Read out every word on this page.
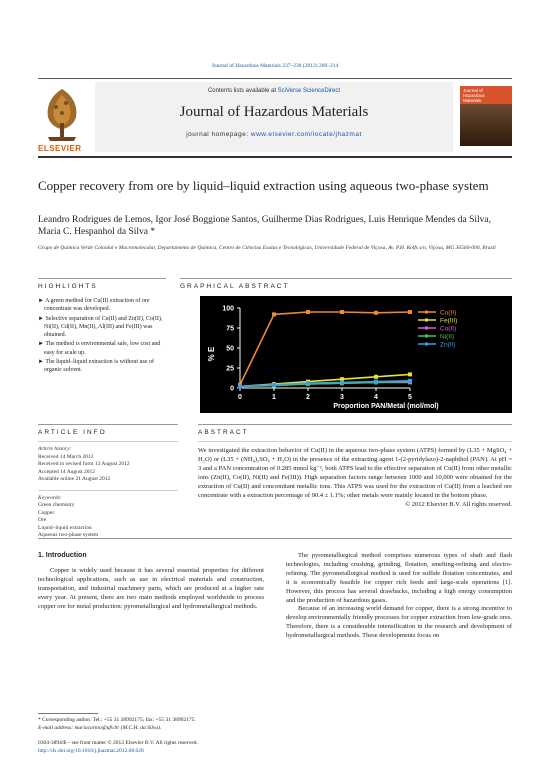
Journal of Hazardous Materials 237–238 (2012) 209–214
Contents lists available at SciVerse ScienceDirect
Journal of Hazardous Materials
journal homepage: www.elsevier.com/locate/jhazmat
ELSEVIER
Journal of
Hazardous
Materials
Copper recovery from ore by liquid–liquid extraction using aqueous two-phase system
Leandro Rodrigues de Lemos, Igor José Boggione Santos, Guilherme Dias Rodrigues, Luis Henrique Mendes da Silva, Maria C. Hespanhol da Silva *
Grupo de Química Verde Coloidal e Macromolecular, Departamento de Química, Centro de Ciências Exatas e Tecnológicas, Universidade Federal de Viçosa, Av. P.H. Rolfs s/n, Viçosa, MG 36560-000, Brazil
HIGHLIGHTS	GRAPHICAL ABSTRACT
► A green method for Cu(II) extraction of ore concentrate was developed.
► Selective separation of Cu(II) and Zn(II), Co(II), Ni(II), Cd(II), Mn(II), Al(III) and Fe(III) was obtained.
► The method is environmental safe, low cost and easy for scale up.
► The liquid–liquid extraction is without use of organic solvent.
0
25
50
75
100
0	1	2	3	4	5
Cu(II)
Fe(III)
Co(II)
Ni(II)
Zn(II)
% E
Proportion PAN/Metal (mol/mol)
ARTICLE INFO	ABSTRACT
Article history:
Received 14 March 2012
Received in revised form 13 August 2012
Accepted 14 August 2012
Available online 21 August 2012
Keywords:
Green chemistry
Copper
Ore
Liquid–liquid extraction
Aqueous two-phase system
We investigated the extraction behavior of Cu(II) in the aqueous two-phase system (ATPS) formed by (L35 + MgSO₄ + H₂O) or (L35 + (NH₄)₂SO₄ + H₂O) in the presence of the extracting agent 1-(2-pyridylazo)-2-naphthol (PAN). At pH = 3 and a PAN concentration of 0.285 mmol kg⁻¹, both ATPS lead to the effective separation of Cu(II) from other metallic ions (Zn(II), Co(II), Ni(II) and Fe(III)). High separation factors range between 1000 and 10,000 were obtained for the extraction of Cu(II) and concomitant metallic ions. This ATPS was used for the extraction of Cu(II) from a leached ore concentrate with a extraction percentage of 90.4 ± 1.1%; other metals were mainly located in the bottom phase.
© 2012 Elsevier B.V. All rights reserved.
1. Introduction
Copper is widely used because it has several essential properties for different technological applications, such as use in electrical materials and construction, transportation, and industrial machinery parts, which are produced at a higher rate every year. At present, there are two main methods employed worldwide to process copper ore for metal production: pyrometallurgical and hydrometallurgical methods.
The pyrometallurgical method comprises numerous types of shaft and flash technologies, including crushing, grinding, flotation, smelting-refining and electro-refining. The pyrometallurgical method is used for sulfide flotation concentrates, and it is economically feasible for copper rich feeds and large-scale operations [1]. However, this process has several drawbacks, including a high energy consumption and the production of hazardous gases.
Because of an increasing world demand for copper, there is a strong incentive to develop environmentally friendly processes for copper extraction from low-grade ores. Therefore, there is a considerable intensification in the research and development of hydrometallurgical methods. These developments focus on
* Corresponding author. Tel.: +55 31 38992175; fax: +55 31 38992175.
E-mail address: mariacarmo@ufv.br (M.C.H. da Silva).
0304-3894/$ – see front matter © 2012 Elsevier B.V. All rights reserved.
http://dx.doi.org/10.1016/j.jhazmat.2012.08.028
